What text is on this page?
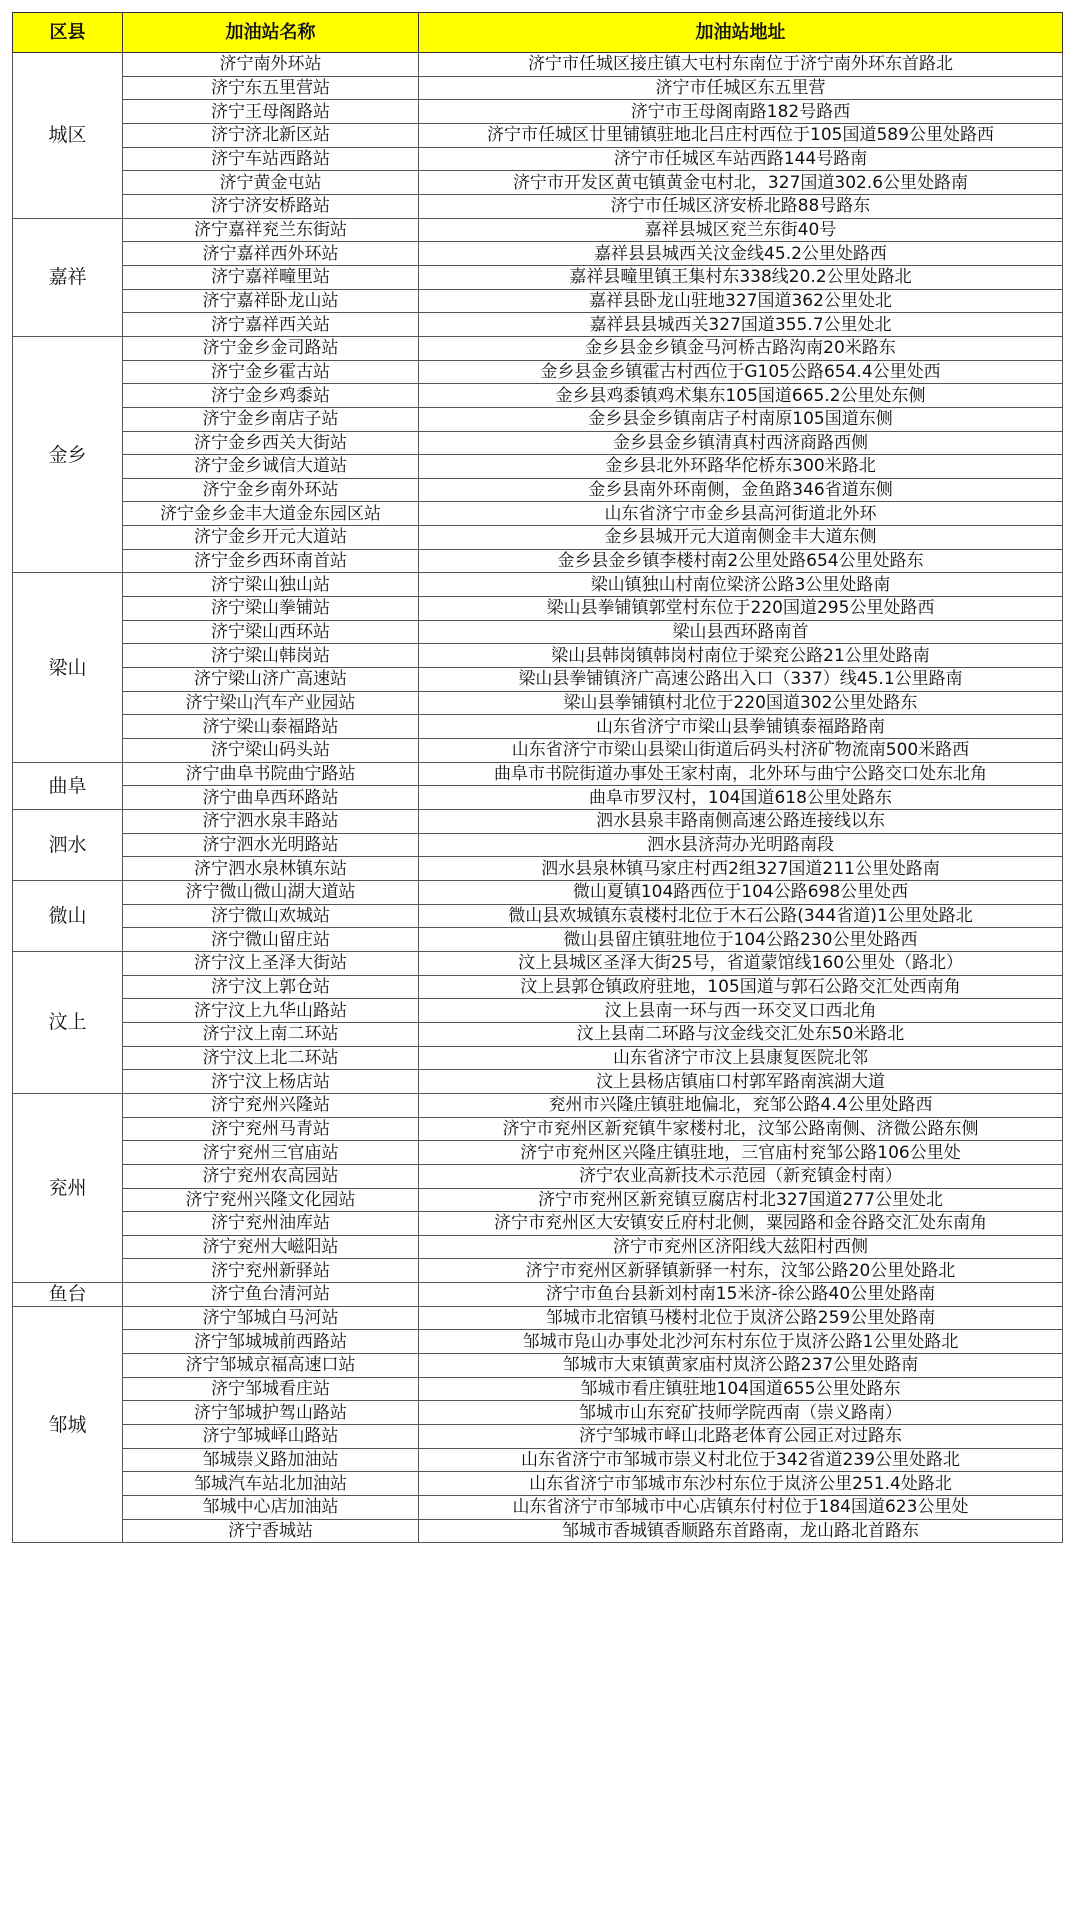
区县	加油站名称	加油站地址
城区	济宁南外环站	济宁市任城区接庄镇大屯村东南位于济宁南外环东首路北
	济宁东五里营站	济宁市任城区东五里营
	济宁王母阁路站	济宁市王母阁南路182号路西
	济宁济北新区站	济宁市任城区廿里铺镇驻地北吕庄村西位于105国道589公里处路西
	济宁车站西路站	济宁市任城区车站西路144号路南
	济宁黄金屯站	济宁市开发区黄屯镇黄金屯村北，327国道302.6公里处路南
	济宁济安桥路站	济宁市任城区济安桥北路88号路东
嘉祥	济宁嘉祥兖兰东街站	嘉祥县城区兖兰东街40号
	济宁嘉祥西外环站	嘉祥县县城西关汶金线45.2公里处路西
	济宁嘉祥疃里站	嘉祥县疃里镇王集村东338线20.2公里处路北
	济宁嘉祥卧龙山站	嘉祥县卧龙山驻地327国道362公里处北
	济宁嘉祥西关站	嘉祥县县城西关327国道355.7公里处北
金乡	济宁金乡金司路站	金乡县金乡镇金马河桥古路沟南20米路东
	济宁金乡霍古站	金乡县金乡镇霍古村西位于G105公路654.4公里处西
	济宁金乡鸡黍站	金乡县鸡黍镇鸡术集东105国道665.2公里处东侧
	济宁金乡南店子站	金乡县金乡镇南店子村南原105国道东侧
	济宁金乡西关大街站	金乡县金乡镇清真村西济商路西侧
	济宁金乡诚信大道站	金乡县北外环路华佗桥东300米路北
	济宁金乡南外环站	金乡县南外环南侧，金鱼路346省道东侧
	济宁金乡金丰大道金东园区站	山东省济宁市金乡县高河街道北外环
	济宁金乡开元大道站	金乡县城开元大道南侧金丰大道东侧
	济宁金乡西环南首站	金乡县金乡镇李楼村南2公里处路654公里处路东
梁山	济宁梁山独山站	梁山镇独山村南位梁济公路3公里处路南
	济宁梁山拳铺站	梁山县拳铺镇郭堂村东位于220国道295公里处路西
	济宁梁山西环站	梁山县西环路南首
	济宁梁山韩岗站	梁山县韩岗镇韩岗村南位于梁兖公路21公里处路南
	济宁梁山济广高速站	梁山县拳铺镇济广高速公路出入口（337）线45.1公里路南
	济宁梁山汽车产业园站	梁山县拳铺镇村北位于220国道302公里处路东
	济宁梁山泰福路站	山东省济宁市梁山县拳铺镇泰福路路南
	济宁梁山码头站	山东省济宁市梁山县梁山街道后码头村济矿物流南500米路西
曲阜	济宁曲阜书院曲宁路站	曲阜市书院街道办事处王家村南，北外环与曲宁公路交口处东北角
	济宁曲阜西环路站	曲阜市罗汉村，104国道618公里处路东
泗水	济宁泗水泉丰路站	泗水县泉丰路南侧高速公路连接线以东
	济宁泗水光明路站	泗水县济菏办光明路南段
	济宁泗水泉林镇东站	泗水县泉林镇马家庄村西2组327国道211公里处路南
微山	济宁微山微山湖大道站	微山夏镇104路西位于104公路698公里处西
	济宁微山欢城站	微山县欢城镇东袁楼村北位于木石公路(344省道)1公里处路北
	济宁微山留庄站	微山县留庄镇驻地位于104公路230公里处路西
汶上	济宁汶上圣泽大街站	汶上县城区圣泽大街25号，省道蒙馆线160公里处（路北）
	济宁汶上郭仓站	汶上县郭仓镇政府驻地，105国道与郭石公路交汇处西南角
	济宁汶上九华山路站	汶上县南一环与西一环交叉口西北角
	济宁汶上南二环站	汶上县南二环路与汶金线交汇处东50米路北
	济宁汶上北二环站	山东省济宁市汶上县康复医院北邻
	济宁汶上杨店站	汶上县杨店镇庙口村郭军路南滨湖大道
兖州	济宁兖州兴隆站	兖州市兴隆庄镇驻地偏北，兖邹公路4.4公里处路西
	济宁兖州马青站	济宁市兖州区新兖镇牛家楼村北，汶邹公路南侧、济微公路东侧
	济宁兖州三官庙站	济宁市兖州区兴隆庄镇驻地，三官庙村兖邹公路106公里处
	济宁兖州农高园站	济宁农业高新技术示范园（新兖镇金村南）
	济宁兖州兴隆文化园站	济宁市兖州区新兖镇豆腐店村北327国道277公里处北
	济宁兖州油库站	济宁市兖州区大安镇安丘府村北侧，粟园路和金谷路交汇处东南角
	济宁兖州大嵫阳站	济宁市兖州区济阳线大兹阳村西侧
	济宁兖州新驿站	济宁市兖州区新驿镇新驿一村东，汶邹公路20公里处路北
鱼台	济宁鱼台清河站	济宁市鱼台县新刘村南15米济-徐公路40公里处路南
邹城	济宁邹城白马河站	邹城市北宿镇马楼村北位于岚济公路259公里处路南
	济宁邹城城前西路站	邹城市凫山办事处北沙河东村东位于岚济公路1公里处路北
	济宁邹城京福高速口站	邹城市大束镇黄家庙村岚济公路237公里处路南
	济宁邹城看庄站	邹城市看庄镇驻地104国道655公里处路东
	济宁邹城护驾山路站	邹城市山东兖矿技师学院西南（崇义路南）
	济宁邹城峄山路站	济宁邹城市峄山北路老体育公园正对过路东
	邹城崇义路加油站	山东省济宁市邹城市崇义村北位于342省道239公里处路北
	邹城汽车站北加油站	山东省济宁市邹城市东沙村东位于岚济公里251.4处路北
	邹城中心店加油站	山东省济宁市邹城市中心店镇东付村位于184国道623公里处
	济宁香城站	邹城市香城镇香顺路东首路南，龙山路北首路东
